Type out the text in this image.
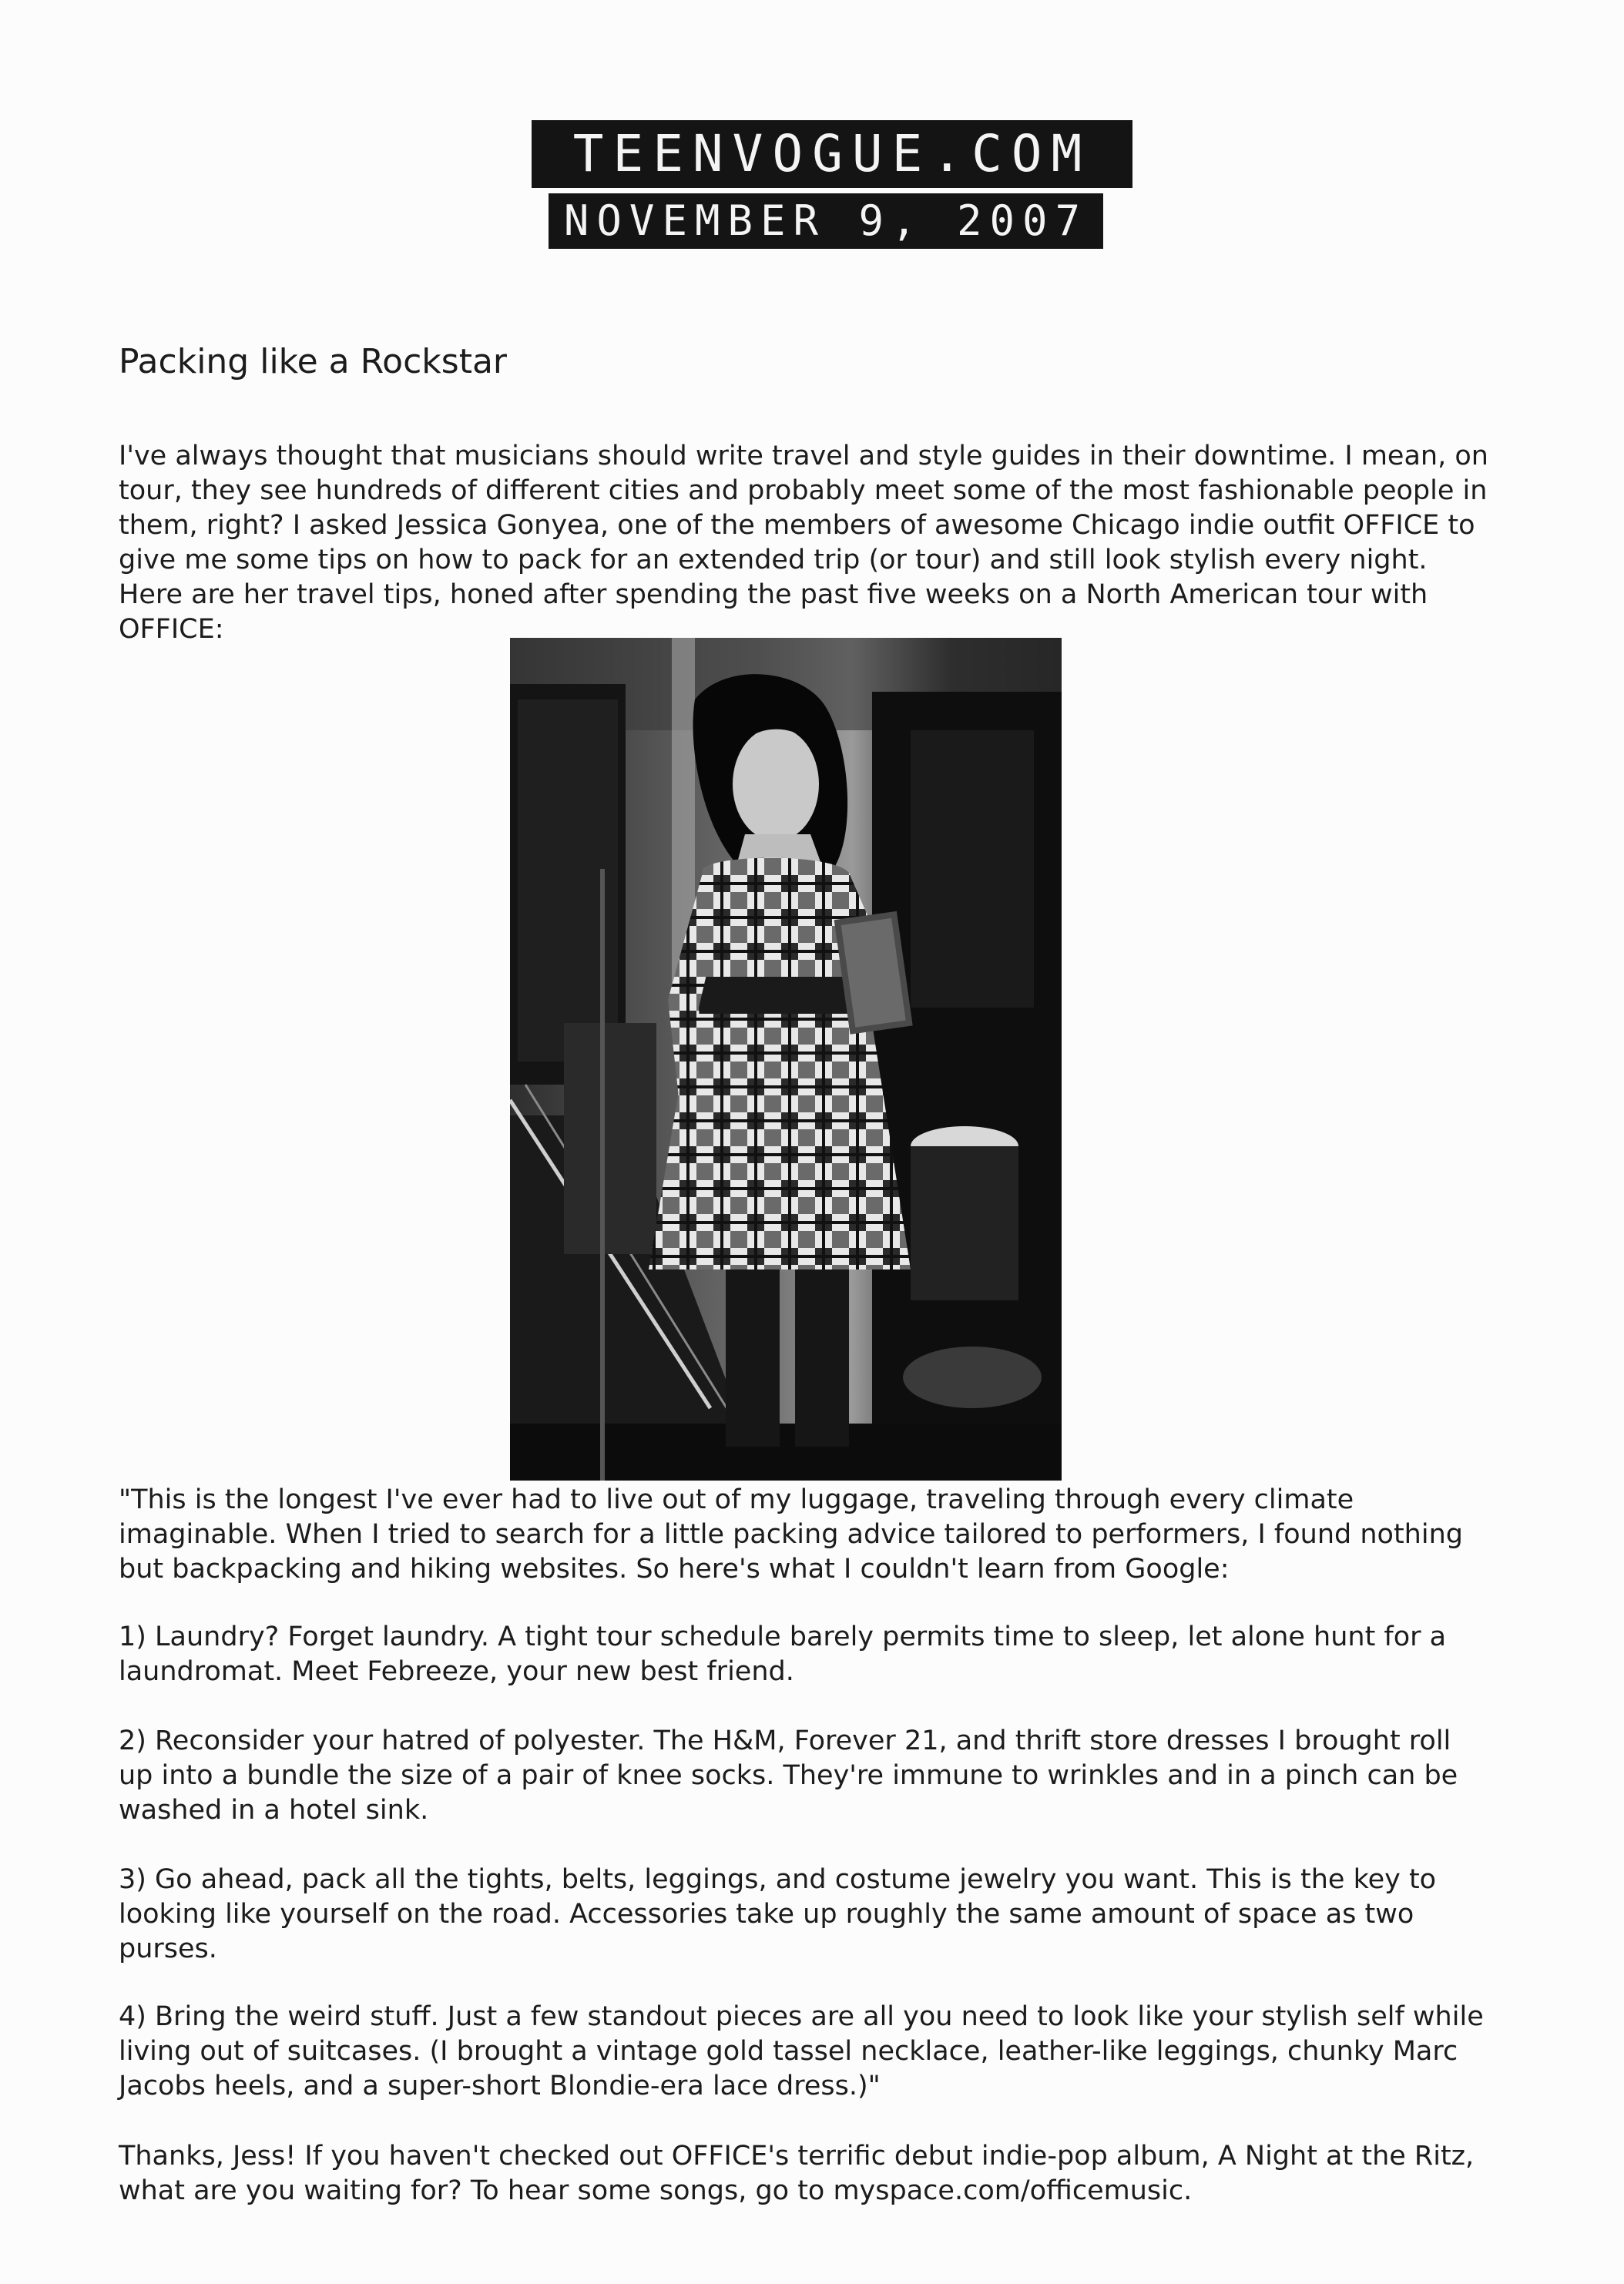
TEENVOGUE.COM
NOVEMBER 9, 2007
Packing like a Rockstar

I've always thought that musicians should write travel and style guides in their downtime. I mean, on tour, they see hundreds of different cities and probably meet some of the most fashionable people in them, right? I asked Jessica Gonyea, one of the members of awesome Chicago indie outfit OFFICE to give me some tips on how to pack for an extended trip (or tour) and still look stylish every night. Here are her travel tips, honed after spending the past five weeks on a North American tour with OFFICE:

"This is the longest I've ever had to live out of my luggage, traveling through every climate imaginable. When I tried to search for a little packing advice tailored to performers, I found nothing but backpacking and hiking websites. So here's what I couldn't learn from Google:

1) Laundry? Forget laundry. A tight tour schedule barely permits time to sleep, let alone hunt for a laundromat. Meet Febreeze, your new best friend.

2) Reconsider your hatred of polyester. The H&M, Forever 21, and thrift store dresses I brought roll up into a bundle the size of a pair of knee socks. They're immune to wrinkles and in a pinch can be washed in a hotel sink.

3) Go ahead, pack all the tights, belts, leggings, and costume jewelry you want. This is the key to looking like yourself on the road. Accessories take up roughly the same amount of space as two purses.

4) Bring the weird stuff. Just a few standout pieces are all you need to look like your stylish self while living out of suitcases. (I brought a vintage gold tassel necklace, leather-like leggings, chunky Marc Jacobs heels, and a super-short Blondie-era lace dress.)"

Thanks, Jess! If you haven't checked out OFFICE's terrific debut indie-pop album, A Night at the Ritz, what are you waiting for? To hear some songs, go to myspace.com/officemusic.
